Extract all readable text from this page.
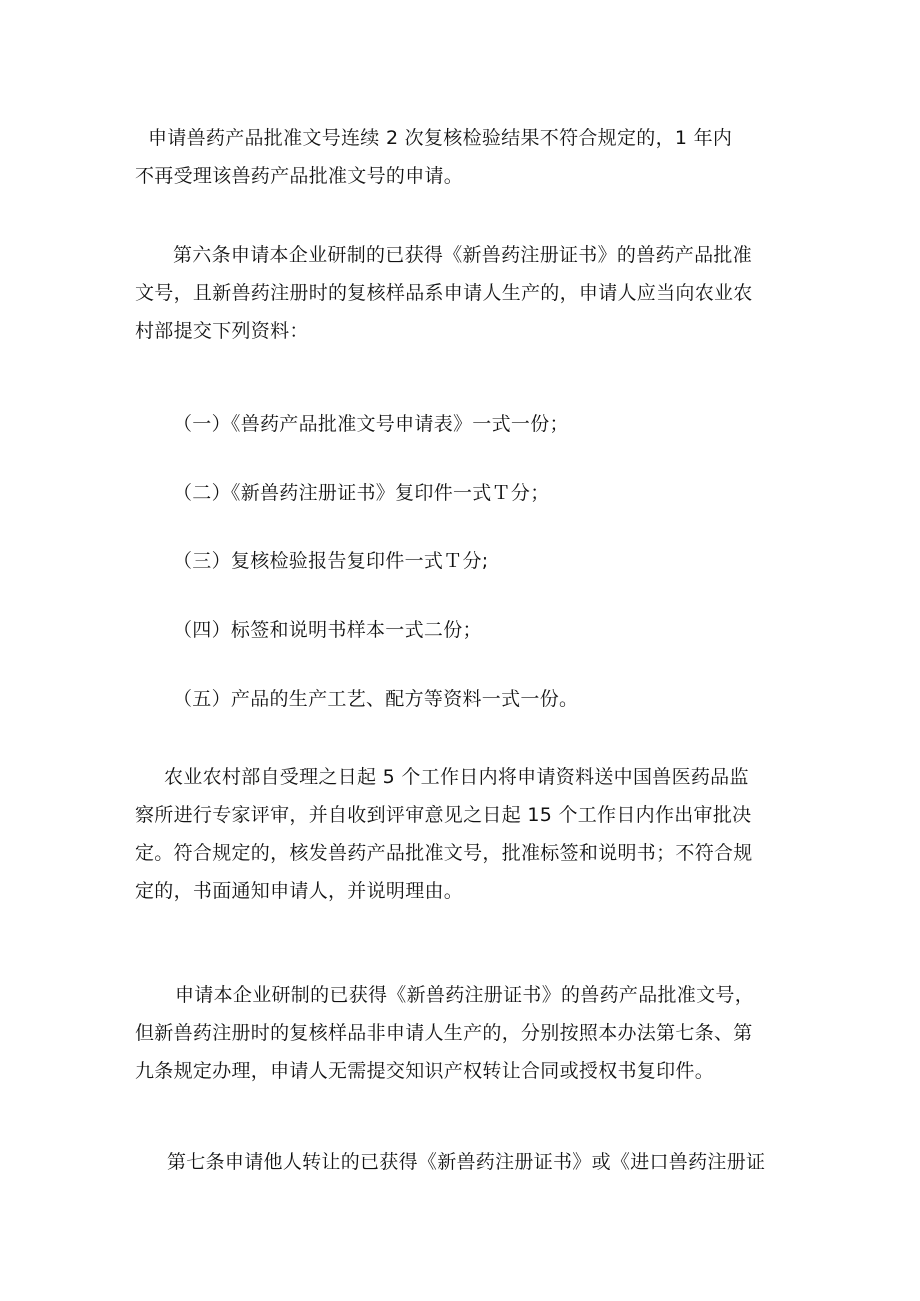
申请兽药产品批准文号连续 2 次复核检验结果不符合规定的，1 年内
不再受理该兽药产品批准文号的申请。
第六条申请本企业研制的已获得《新兽药注册证书》的兽药产品批准
文号，且新兽药注册时的复核样品系申请人生产的，申请人应当向农业农
村部提交下列资料：
（一）《兽药产品批准文号申请表》一式一份；
（二）《新兽药注册证书》复印件一式Ｔ分；
（三）复核检验报告复印件一式Ｔ分;
（四）标签和说明书样本一式二份；
（五）产品的生产工艺、配方等资料一式一份。
农业农村部自受理之日起 5 个工作日内将申请资料送中国兽医药品监
察所进行专家评审，并自收到评审意见之日起 15 个工作日内作出审批决
定。符合规定的，核发兽药产品批准文号，批准标签和说明书；不符合规
定的，书面通知申请人，并说明理由。
申请本企业研制的已获得《新兽药注册证书》的兽药产品批准文号，
但新兽药注册时的复核样品非申请人生产的，分别按照本办法第七条、第
九条规定办理，申请人无需提交知识产权转让合同或授权书复印件。
第七条申请他人转让的已获得《新兽药注册证书》或《进口兽药注册证
